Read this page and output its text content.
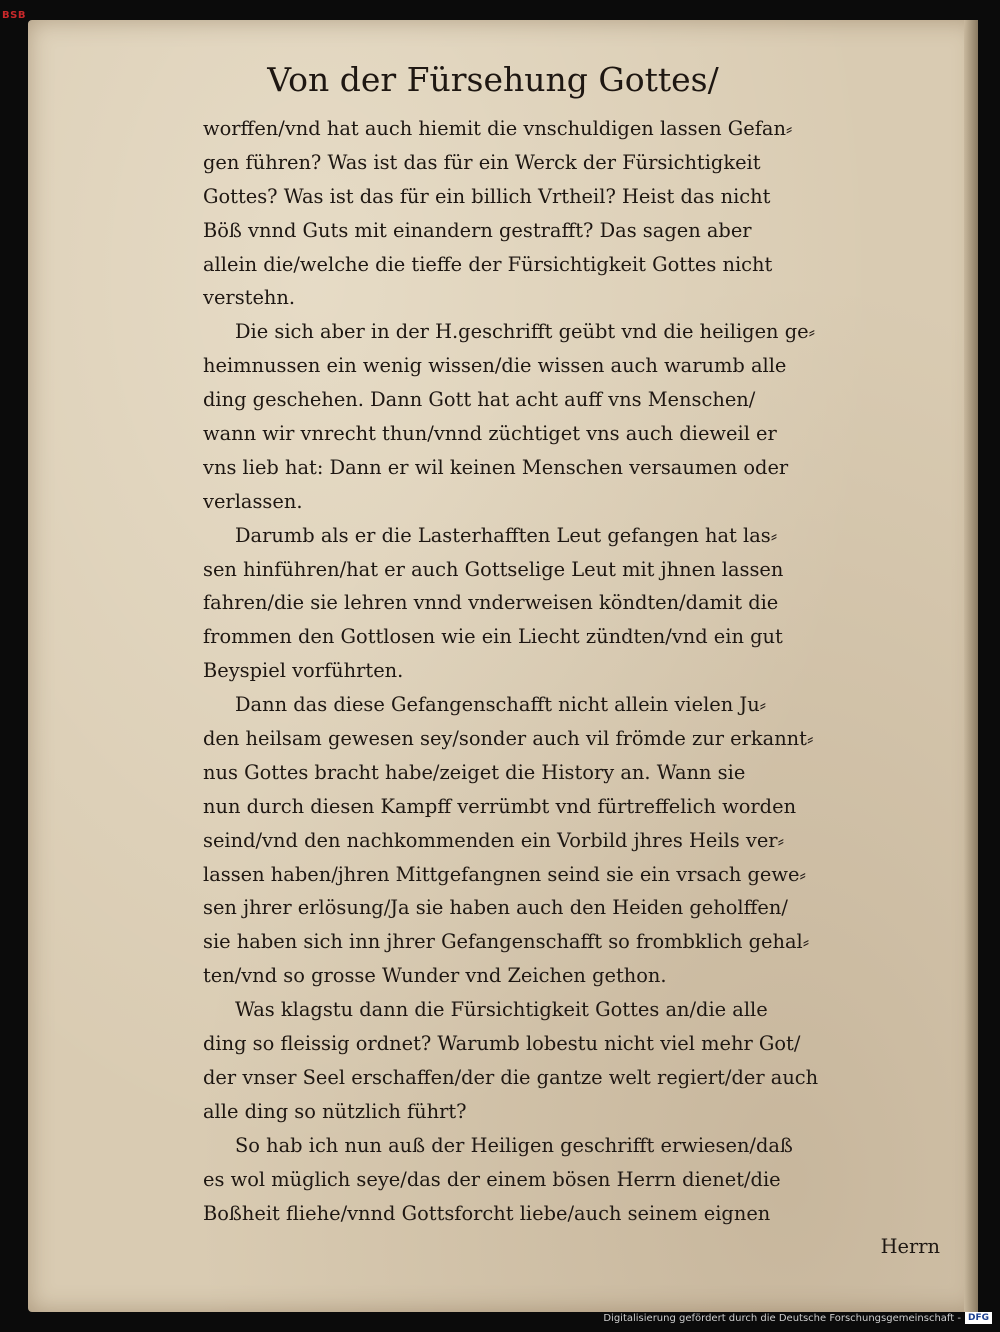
BSB
Von der Fürsehung Gottes/
worffen/vnd hat auch hiemit die vnschuldigen lassen Gefan⸗
gen führen? Was ist das für ein Werck der Fürsichtigkeit
Gottes? Was ist das für ein billich Vrtheil? Heist das nicht
Böß vnnd Guts mit einandern gestrafft? Das sagen aber
allein die/welche die tieffe der Fürsichtigkeit Gottes nicht
verstehn.
Die sich aber in der H.geschrifft geübt vnd die heiligen ge⸗
heimnussen ein wenig wissen/die wissen auch warumb alle
ding geschehen. Dann Gott hat acht auff vns Menschen/
wann wir vnrecht thun/vnnd züchtiget vns auch dieweil er
vns lieb hat: Dann er wil keinen Menschen versaumen oder
verlassen.
Darumb als er die Lasterhafften Leut gefangen hat las⸗
sen hinführen/hat er auch Gottselige Leut mit jhnen lassen
fahren/die sie lehren vnnd vnderweisen köndten/damit die
frommen den Gottlosen wie ein Liecht zündten/vnd ein gut
Beyspiel vorführten.
Dann das diese Gefangenschafft nicht allein vielen Ju⸗
den heilsam gewesen sey/sonder auch vil frömde zur erkannt⸗
nus Gottes bracht habe/zeiget die History an. Wann sie
nun durch diesen Kampff verrümbt vnd fürtreffelich worden
seind/vnd den nachkommenden ein Vorbild jhres Heils ver⸗
lassen haben/jhren Mittgefangnen seind sie ein vrsach gewe⸗
sen jhrer erlösung/Ja sie haben auch den Heiden geholffen/
sie haben sich inn jhrer Gefangenschafft so frombklich gehal⸗
ten/vnd so grosse Wunder vnd Zeichen gethon.
Was klagstu dann die Fürsichtigkeit Gottes an/die alle
ding so fleissig ordnet? Warumb lobestu nicht viel mehr Got/
der vnser Seel erschaffen/der die gantze welt regiert/der auch
alle ding so nützlich führt?
So hab ich nun auß der Heiligen geschrifft erwiesen/daß
es wol müglich seye/das der einem bösen Herrn dienet/die
Boßheit fliehe/vnnd Gottsforcht liebe/auch seinem eignen
Herrn
Digitalisierung gefördert durch die Deutsche Forschungsgemeinschaft - DFG
